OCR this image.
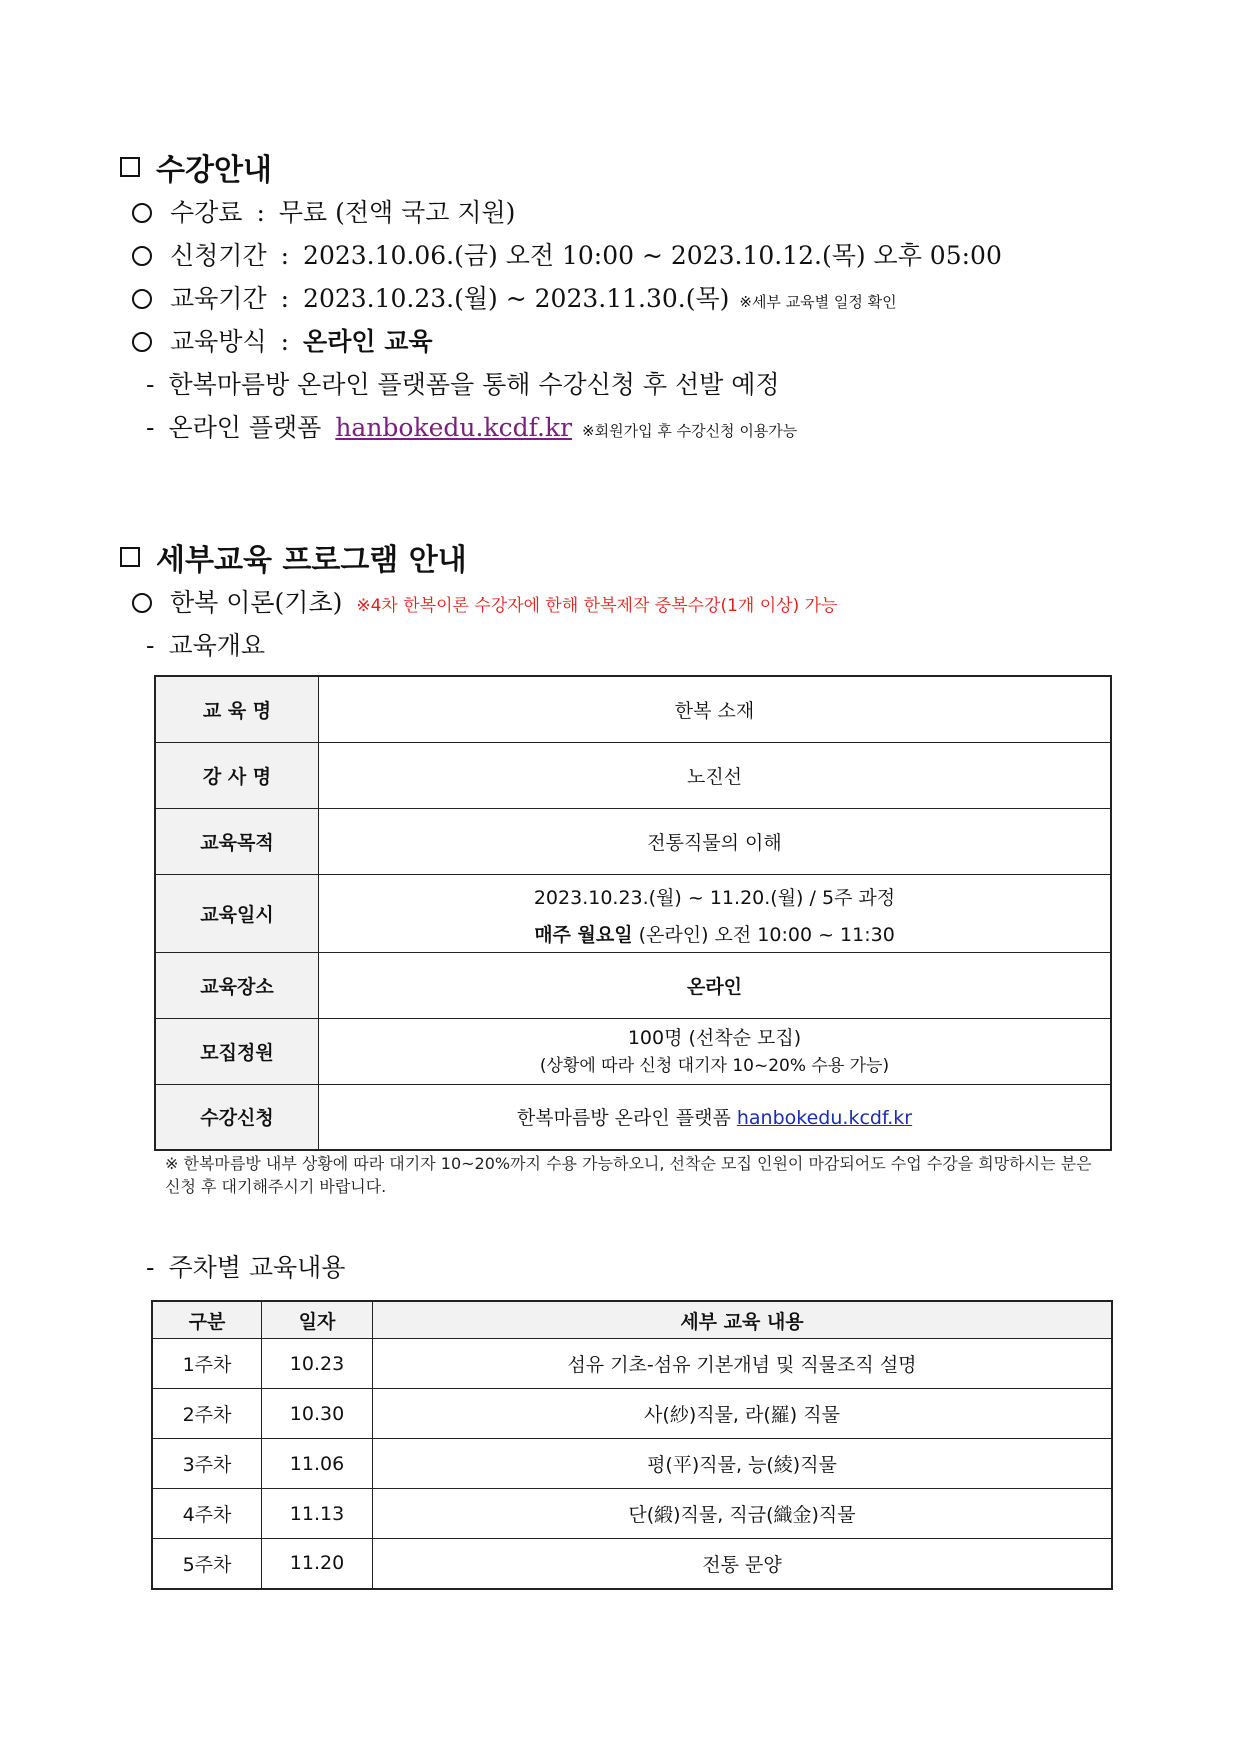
수강안내
수강료 : 무료 (전액 국고 지원)
신청기간 : 2023.10.06.(금) 오전 10:00 ~ 2023.10.12.(목) 오후 05:00
교육기간 : 2023.10.23.(월) ~ 2023.11.30.(목) ※세부 교육별 일정 확인
교육방식 : 온라인 교육
- 한복마름방 온라인 플랫폼을 통해 수강신청 후 선발 예정
- 온라인 플랫폼 hanbokedu.kcdf.kr ※회원가입 후 수강신청 이용가능
세부교육 프로그램 안내
한복 이론(기초) ※4차 한복이론 수강자에 한해 한복제작 중복수강(1개 이상) 가능
- 교육개요
교 육 명	한복 소재
강 사 명	노진선
교육목적	전통직물의 이해
교육일시	2023.10.23.(월) ~ 11.20.(월) / 5주 과정
매주 월요일 (온라인) 오전 10:00 ~ 11:30

교육장소	온라인
모집정원	100명 (선착순 모집)
(상황에 따라 신청 대기자 10~20% 수용 가능)

수강신청	한복마름방 온라인 플랫폼 hanbokedu.kcdf.kr
※ 한복마름방 내부 상황에 따라 대기자 10~20%까지 수용 가능하오니, 선착순 모집 인원이 마감되어도 수업 수강을 희망하시는 분은 신청 후 대기해주시기 바랍니다.
- 주차별 교육내용
구분	일자	세부 교육 내용
1주차	10.23	섬유 기초-섬유 기본개념 및 직물조직 설명
2주차	10.30	사(紗)직물, 라(羅) 직물
3주차	11.06	평(平)직물, 능(綾)직물
4주차	11.13	단(緞)직물, 직금(織金)직물
5주차	11.20	전통 문양
